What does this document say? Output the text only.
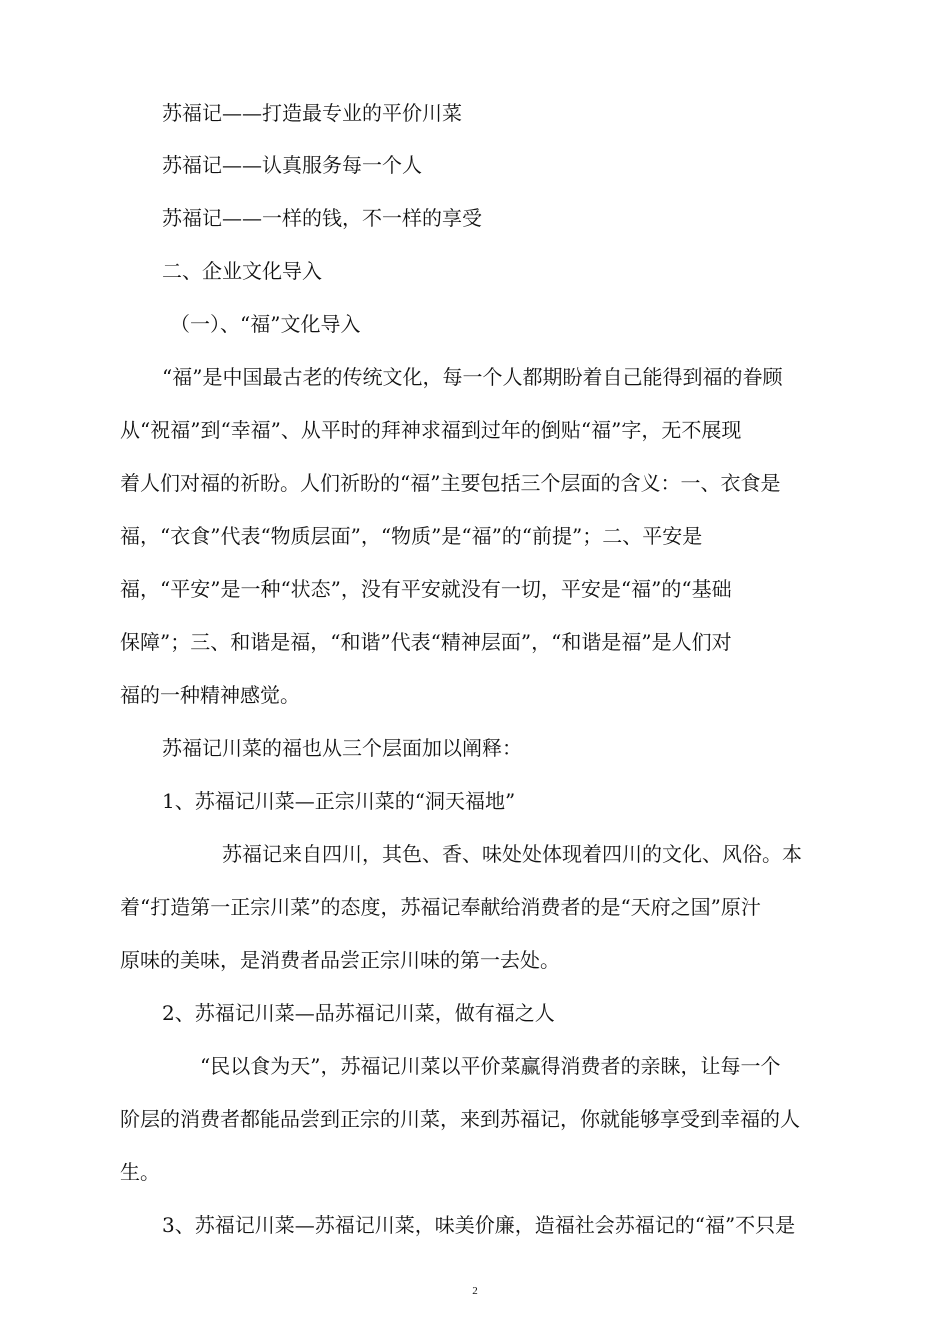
苏福记——打造最专业的平价川菜

苏福记——认真服务每一个人

苏福记——一样的钱，不一样的享受

二、企业文化导入

（一）、“福”文化导入

“福”是中国最古老的传统文化，每一个人都期盼着自己能得到福的眷顾

从“祝福”到“幸福”、从平时的拜神求福到过年的倒贴“福”字，无不展现

着人们对福的祈盼。人们祈盼的“福”主要包括三个层面的含义：一、衣食是

福，“衣食”代表“物质层面”，“物质”是“福”的“前提”；二、平安是

福，“平安”是一种“状态”，没有平安就没有一切，平安是“福”的“基础

保障”；三、和谐是福，“和谐”代表“精神层面”，“和谐是福”是人们对

福的一种精神感觉。

苏福记川菜的福也从三个层面加以阐释：

1、苏福记川菜—正宗川菜的“洞天福地”

苏福记来自四川，其色、香、味处处体现着四川的文化、风俗。本

着“打造第一正宗川菜”的态度，苏福记奉献给消费者的是“天府之国”原汁

原味的美味，是消费者品尝正宗川味的第一去处。

2、苏福记川菜—品苏福记川菜，做有福之人

“民以食为天”，苏福记川菜以平价菜赢得消费者的亲睐，让每一个

阶层的消费者都能品尝到正宗的川菜，来到苏福记，你就能够享受到幸福的人

生。

3、苏福记川菜—苏福记川菜，味美价廉，造福社会苏福记的“福”不只是

2
